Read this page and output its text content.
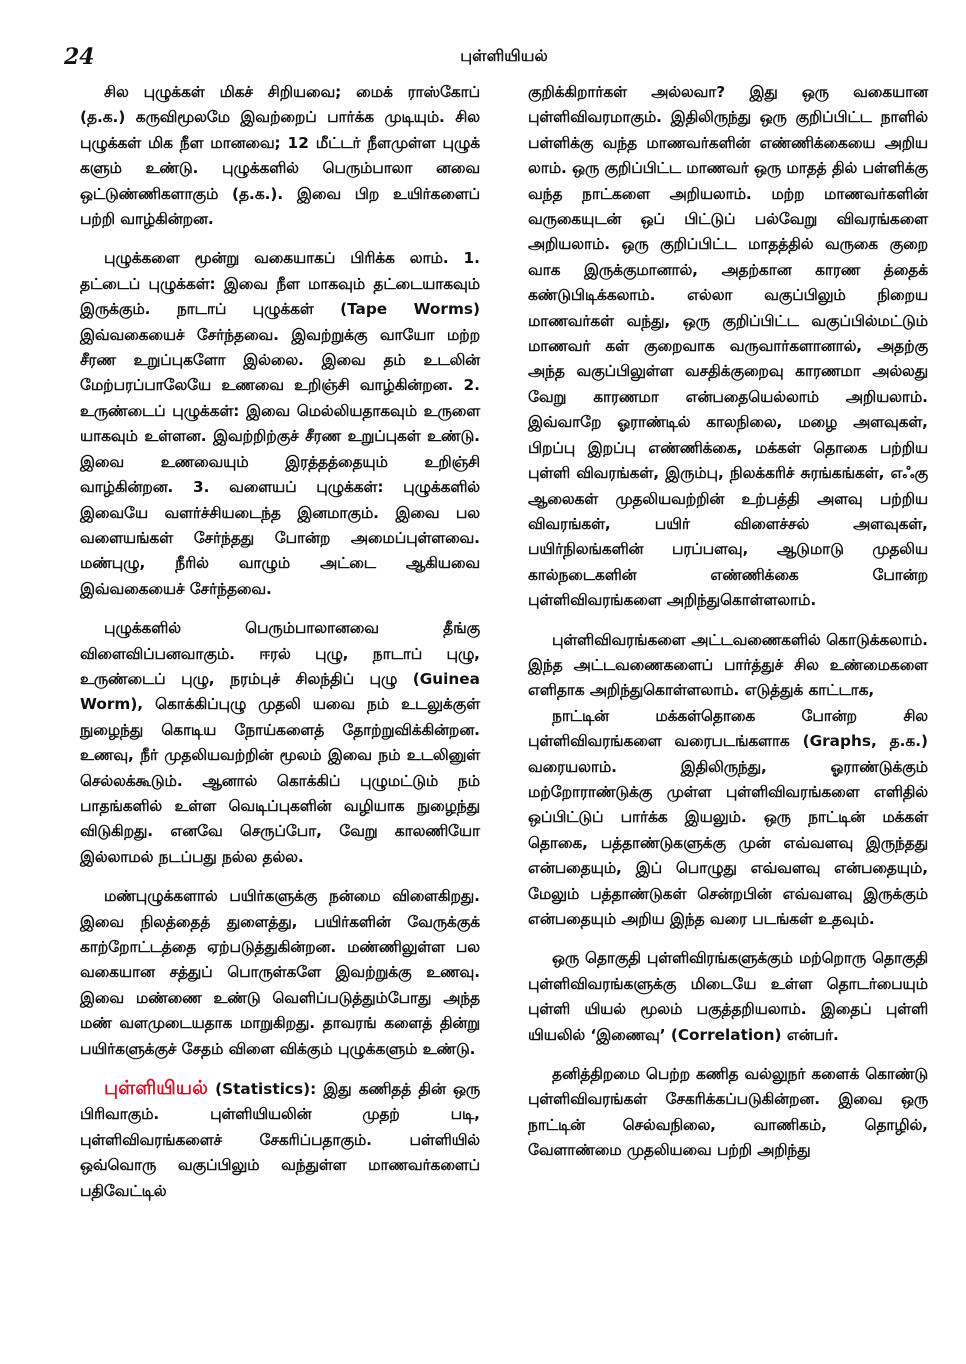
24	புள்ளியியல்

சில புழுக்கள் மிகச் சிறியவை; மைக் ராஸ்கோப் (த.க.) கருவிமூலமே இவற்றைப் பார்க்க முடியும். சில புழுக்கள் மிக நீள மானவை; 12 மீட்டர் நீளமுள்ள புழுக் களும் உண்டு. புழுக்களில் பெரும்பாலா னவை ஒட்டுண்ணிகளாகும் (த.க.). இவை பிற உயிர்களைப் பற்றி வாழ்கின்றன.

புழுக்களை மூன்று வகையாகப் பிரிக்க லாம். 1. தட்டைப் புழுக்கள்: இவை நீள மாகவும் தட்டையாகவும் இருக்கும். நாடாப் புழுக்கள் (Tape Worms) இவ்வகையைச் சேர்ந்தவை. இவற்றுக்கு வாயோ மற்ற சீரண உறுப்புகளோ இல்லை. இவை தம் உடலின் மேற்பரப்பாலேயே உணவை உறிஞ்சி வாழ்கின்றன. 2. உருண்டைப் புழுக்கள்: இவை மெல்லியதாகவும் உருளை யாகவும் உள்ளன. இவற்றிற்குச் சீரண உறுப்புகள் உண்டு. இவை உணவையும் இரத்தத்தையும் உறிஞ்சி வாழ்கின்றன. 3. வளையப் புழுக்கள்: புழுக்களில் இவையே வளர்ச்சியடைந்த இனமாகும். இவை பல வளையங்கள் சேர்ந்தது போன்ற அமைப்புள்ளவை. மண்புழு, நீரில் வாழும் அட்டை ஆகியவை இவ்வகையைச் சேர்ந்தவை.

புழுக்களில் பெரும்பாலானவை தீங்கு விளைவிப்பனவாகும். ஈரல் புழு, நாடாப் புழு, உருண்டைப் புழு, நரம்புச் சிலந்திப் புழு (Guinea Worm), கொக்கிப்புழு முதலி யவை நம் உடலுக்குள் நுழைந்து கொடிய நோய்களைத் தோற்றுவிக்கின்றன. உணவு, நீர் முதலியவற்றின் மூலம் இவை நம் உடலினுள் செல்லக்கூடும். ஆனால் கொக்கிப் புழுமட்டும் நம் பாதங்களில் உள்ள வெடிப்புகளின் வழியாக நுழைந்து விடுகிறது. எனவே செருப்போ, வேறு காலணியோ இல்லாமல் நடப்பது நல்ல தல்ல.

மண்புழுக்களால் பயிர்களுக்கு நன்மை விளைகிறது. இவை நிலத்தைத் துளைத்து, பயிர்களின் வேருக்குக் காற்றோட்டத்தை ஏற்படுத்துகின்றன. மண்ணிலுள்ள பல வகையான சத்துப் பொருள்களே இவற்றுக்கு உணவு. இவை மண்ணை உண்டு வெளிப்படுத்தும்போது அந்த மண் வளமுடையதாக மாறுகிறது. தாவரங் களைத் தின்று பயிர்களுக்குச் சேதம் விளை விக்கும் புழுக்களும் உண்டு.

புள்ளியியல் (Statistics): இது கணிதத் தின் ஒரு பிரிவாகும். புள்ளியியலின் முதற் படி, புள்ளிவிவரங்களைச் சேகரிப்பதாகும். பள்ளியில் ஒவ்வொரு வகுப்பிலும் வந்துள்ள மாணவர்களைப் பதிவேட்டில்

குறிக்கிறார்கள் அல்லவா? இது ஒரு வகையான புள்ளிவிவரமாகும். இதிலிருந்து ஒரு குறிப்பிட்ட நாளில் பள்ளிக்கு வந்த மாணவர்களின் எண்ணிக்கையை அறிய லாம். ஒரு குறிப்பிட்ட மாணவர் ஒரு மாதத் தில் பள்ளிக்கு வந்த நாட்களை அறியலாம். மற்ற மாணவர்களின் வருகையுடன் ஒப் பிட்டுப் பல்வேறு விவரங்களை அறியலாம். ஒரு குறிப்பிட்ட மாதத்தில் வருகை குறை வாக இருக்குமானால், அதற்கான காரண த்தைக் கண்டுபிடிக்கலாம். எல்லா வகுப்பிலும் நிறைய மாணவர்கள் வந்து, ஒரு குறிப்பிட்ட வகுப்பில்மட்டும் மாணவர் கள் குறைவாக வருவார்களானால், அதற்கு அந்த வகுப்பிலுள்ள வசதிக்குறைவு காரணமா அல்லது வேறு காரணமா என்பதையெல்லாம் அறியலாம். இவ்வாறே ஓராண்டில் காலநிலை, மழை அளவுகள், பிறப்பு இறப்பு எண்ணிக்கை, மக்கள் தொகை பற்றிய புள்ளி விவரங்கள், இரும்பு, நிலக்கரிச் சுரங்கங்கள், எஃகு ஆலைகள் முதலியவற்றின் உற்பத்தி அளவு பற்றிய விவரங்கள், பயிர் விளைச்சல் அளவுகள், பயிர்நிலங்களின் பரப்பளவு, ஆடுமாடு முதலிய கால்நடைகளின் எண்ணிக்கை போன்ற புள்ளிவிவரங்களை அறிந்துகொள்ளலாம்.

புள்ளிவிவரங்களை அட்டவணைகளில் கொடுக்கலாம். இந்த அட்டவணைகளைப் பார்த்துச் சில உண்மைகளை எளிதாக அறிந்துகொள்ளலாம். எடுத்துக் காட்டாக,

நாட்டின் மக்கள்தொகை போன்ற சில புள்ளிவிவரங்களை வரைபடங்களாக (Graphs, த.க.) வரையலாம். இதிலிருந்து, ஓராண்டுக்கும் மற்றோராண்டுக்கு முள்ள புள்ளிவிவரங்களை எளிதில் ஒப்பிட்டுப் பார்க்க இயலும். ஒரு நாட்டின் மக்கள் தொகை, பத்தாண்டுகளுக்கு முன் எவ்வளவு இருந்தது என்பதையும், இப் பொழுது எவ்வளவு என்பதையும், மேலும் பத்தாண்டுகள் சென்றபின் எவ்வளவு இருக்கும் என்பதையும் அறிய இந்த வரை படங்கள் உதவும்.

ஒரு தொகுதி புள்ளிவிரங்களுக்கும் மற்றொரு தொகுதி புள்ளிவிவரங்களுக்கு மிடையே உள்ள தொடர்பையும் புள்ளி யியல் மூலம் பகுத்தறியலாம். இதைப் புள்ளி யியலில் ‘இணைவு’ (Correlation) என்பர்.

தனித்திறமை பெற்ற கணித வல்லுநர் களைக் கொண்டு புள்ளிவிவரங்கள் சேகரிக்கப்படுகின்றன. இவை ஒரு நாட்டின் செல்வநிலை, வாணிகம், தொழில், வேளாண்மை முதலியவை பற்றி அறிந்து
